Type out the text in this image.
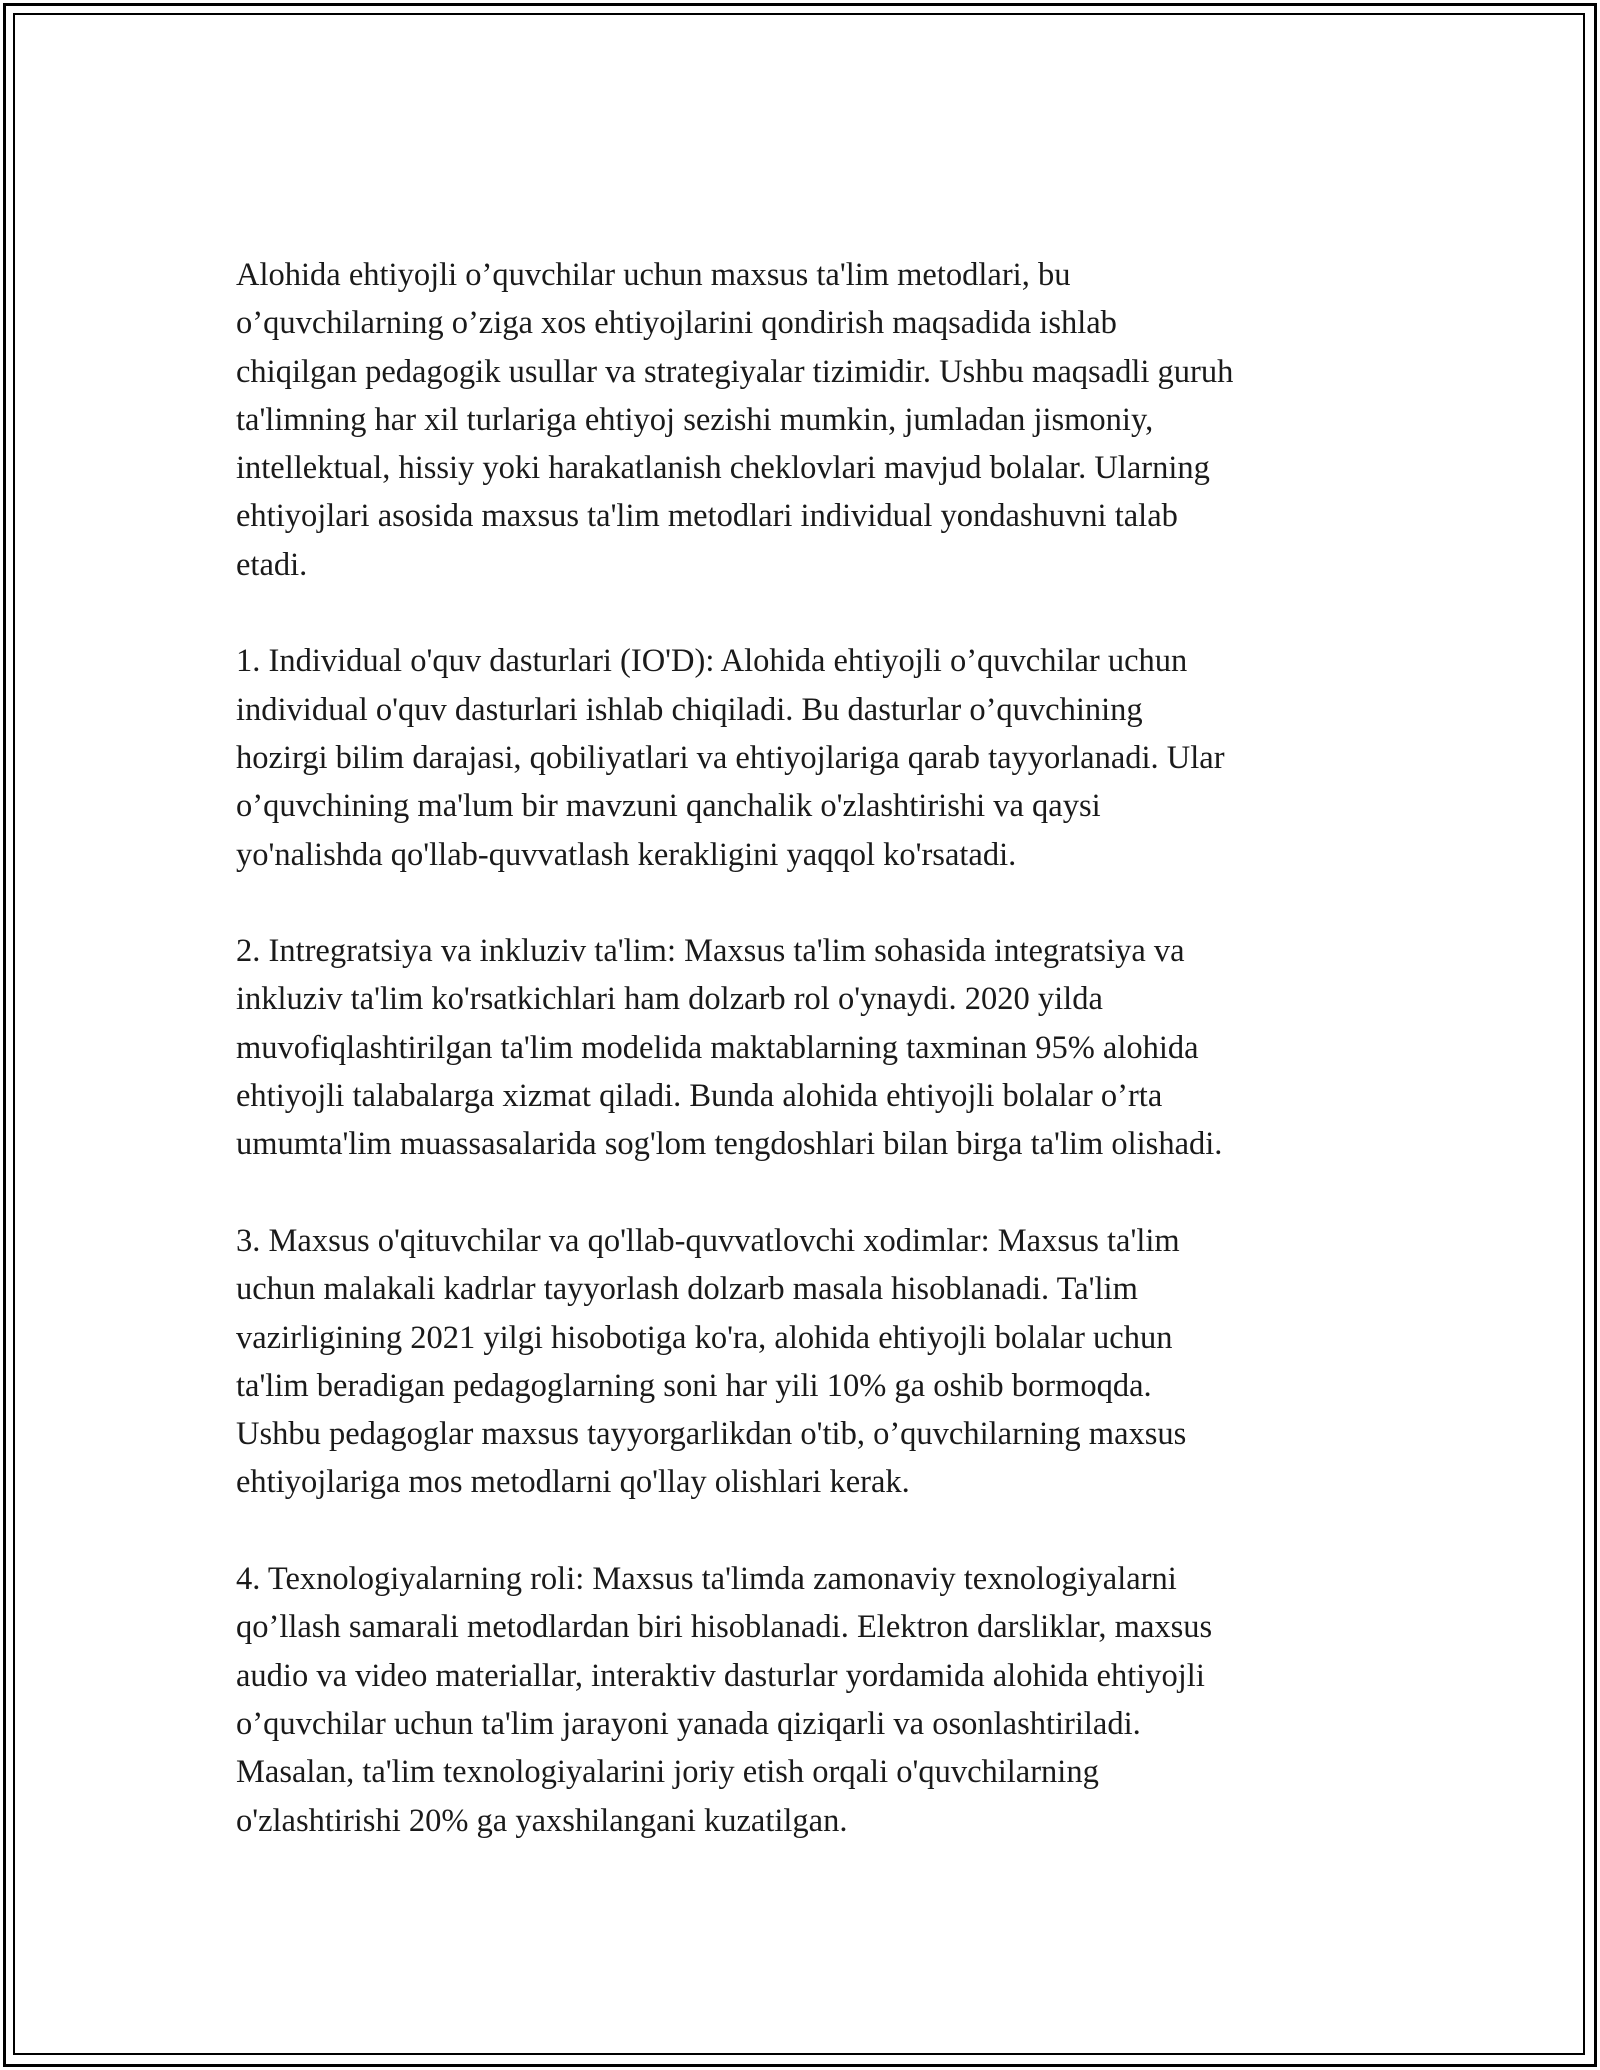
Alohida ehtiyojli o’quvchilar uchun maxsus ta'lim metodlari, bu
o’quvchilarning o’ziga xos ehtiyojlarini qondirish maqsadida ishlab
chiqilgan pedagogik usullar va strategiyalar tizimidir. Ushbu maqsadli guruh
ta'limning har xil turlariga ehtiyoj sezishi mumkin, jumladan jismoniy,
intellektual, hissiy yoki harakatlanish cheklovlari mavjud bolalar. Ularning
ehtiyojlari asosida maxsus ta'lim metodlari individual yondashuvni talab
etadi.

1. Individual o'quv dasturlari (IO'D): Alohida ehtiyojli o’quvchilar uchun
individual o'quv dasturlari ishlab chiqiladi. Bu dasturlar o’quvchining
hozirgi bilim darajasi, qobiliyatlari va ehtiyojlariga qarab tayyorlanadi. Ular
o’quvchining ma'lum bir mavzuni qanchalik o'zlashtirishi va qaysi
yo'nalishda qo'llab-quvvatlash kerakligini yaqqol ko'rsatadi.

2. Intregratsiya va inkluziv ta'lim: Maxsus ta'lim sohasida integratsiya va
inkluziv ta'lim ko'rsatkichlari ham dolzarb rol o'ynaydi. 2020 yilda
muvofiqlashtirilgan ta'lim modelida maktablarning taxminan 95% alohida
ehtiyojli talabalarga xizmat qiladi. Bunda alohida ehtiyojli bolalar o’rta
umumta'lim muassasalarida sog'lom tengdoshlari bilan birga ta'lim olishadi.

3. Maxsus o'qituvchilar va qo'llab-quvvatlovchi xodimlar: Maxsus ta'lim
uchun malakali kadrlar tayyorlash dolzarb masala hisoblanadi. Ta'lim
vazirligining 2021 yilgi hisobotiga ko'ra, alohida ehtiyojli bolalar uchun
ta'lim beradigan pedagoglarning soni har yili 10% ga oshib bormoqda.
Ushbu pedagoglar maxsus tayyorgarlikdan o'tib, o’quvchilarning maxsus
ehtiyojlariga mos metodlarni qo'llay olishlari kerak.

4. Texnologiyalarning roli: Maxsus ta'limda zamonaviy texnologiyalarni
qo’llash samarali metodlardan biri hisoblanadi. Elektron darsliklar, maxsus
audio va video materiallar, interaktiv dasturlar yordamida alohida ehtiyojli
o’quvchilar uchun ta'lim jarayoni yanada qiziqarli va osonlashtiriladi.
Masalan, ta'lim texnologiyalarini joriy etish orqali o'quvchilarning
o'zlashtirishi 20% ga yaxshilangani kuzatilgan.
